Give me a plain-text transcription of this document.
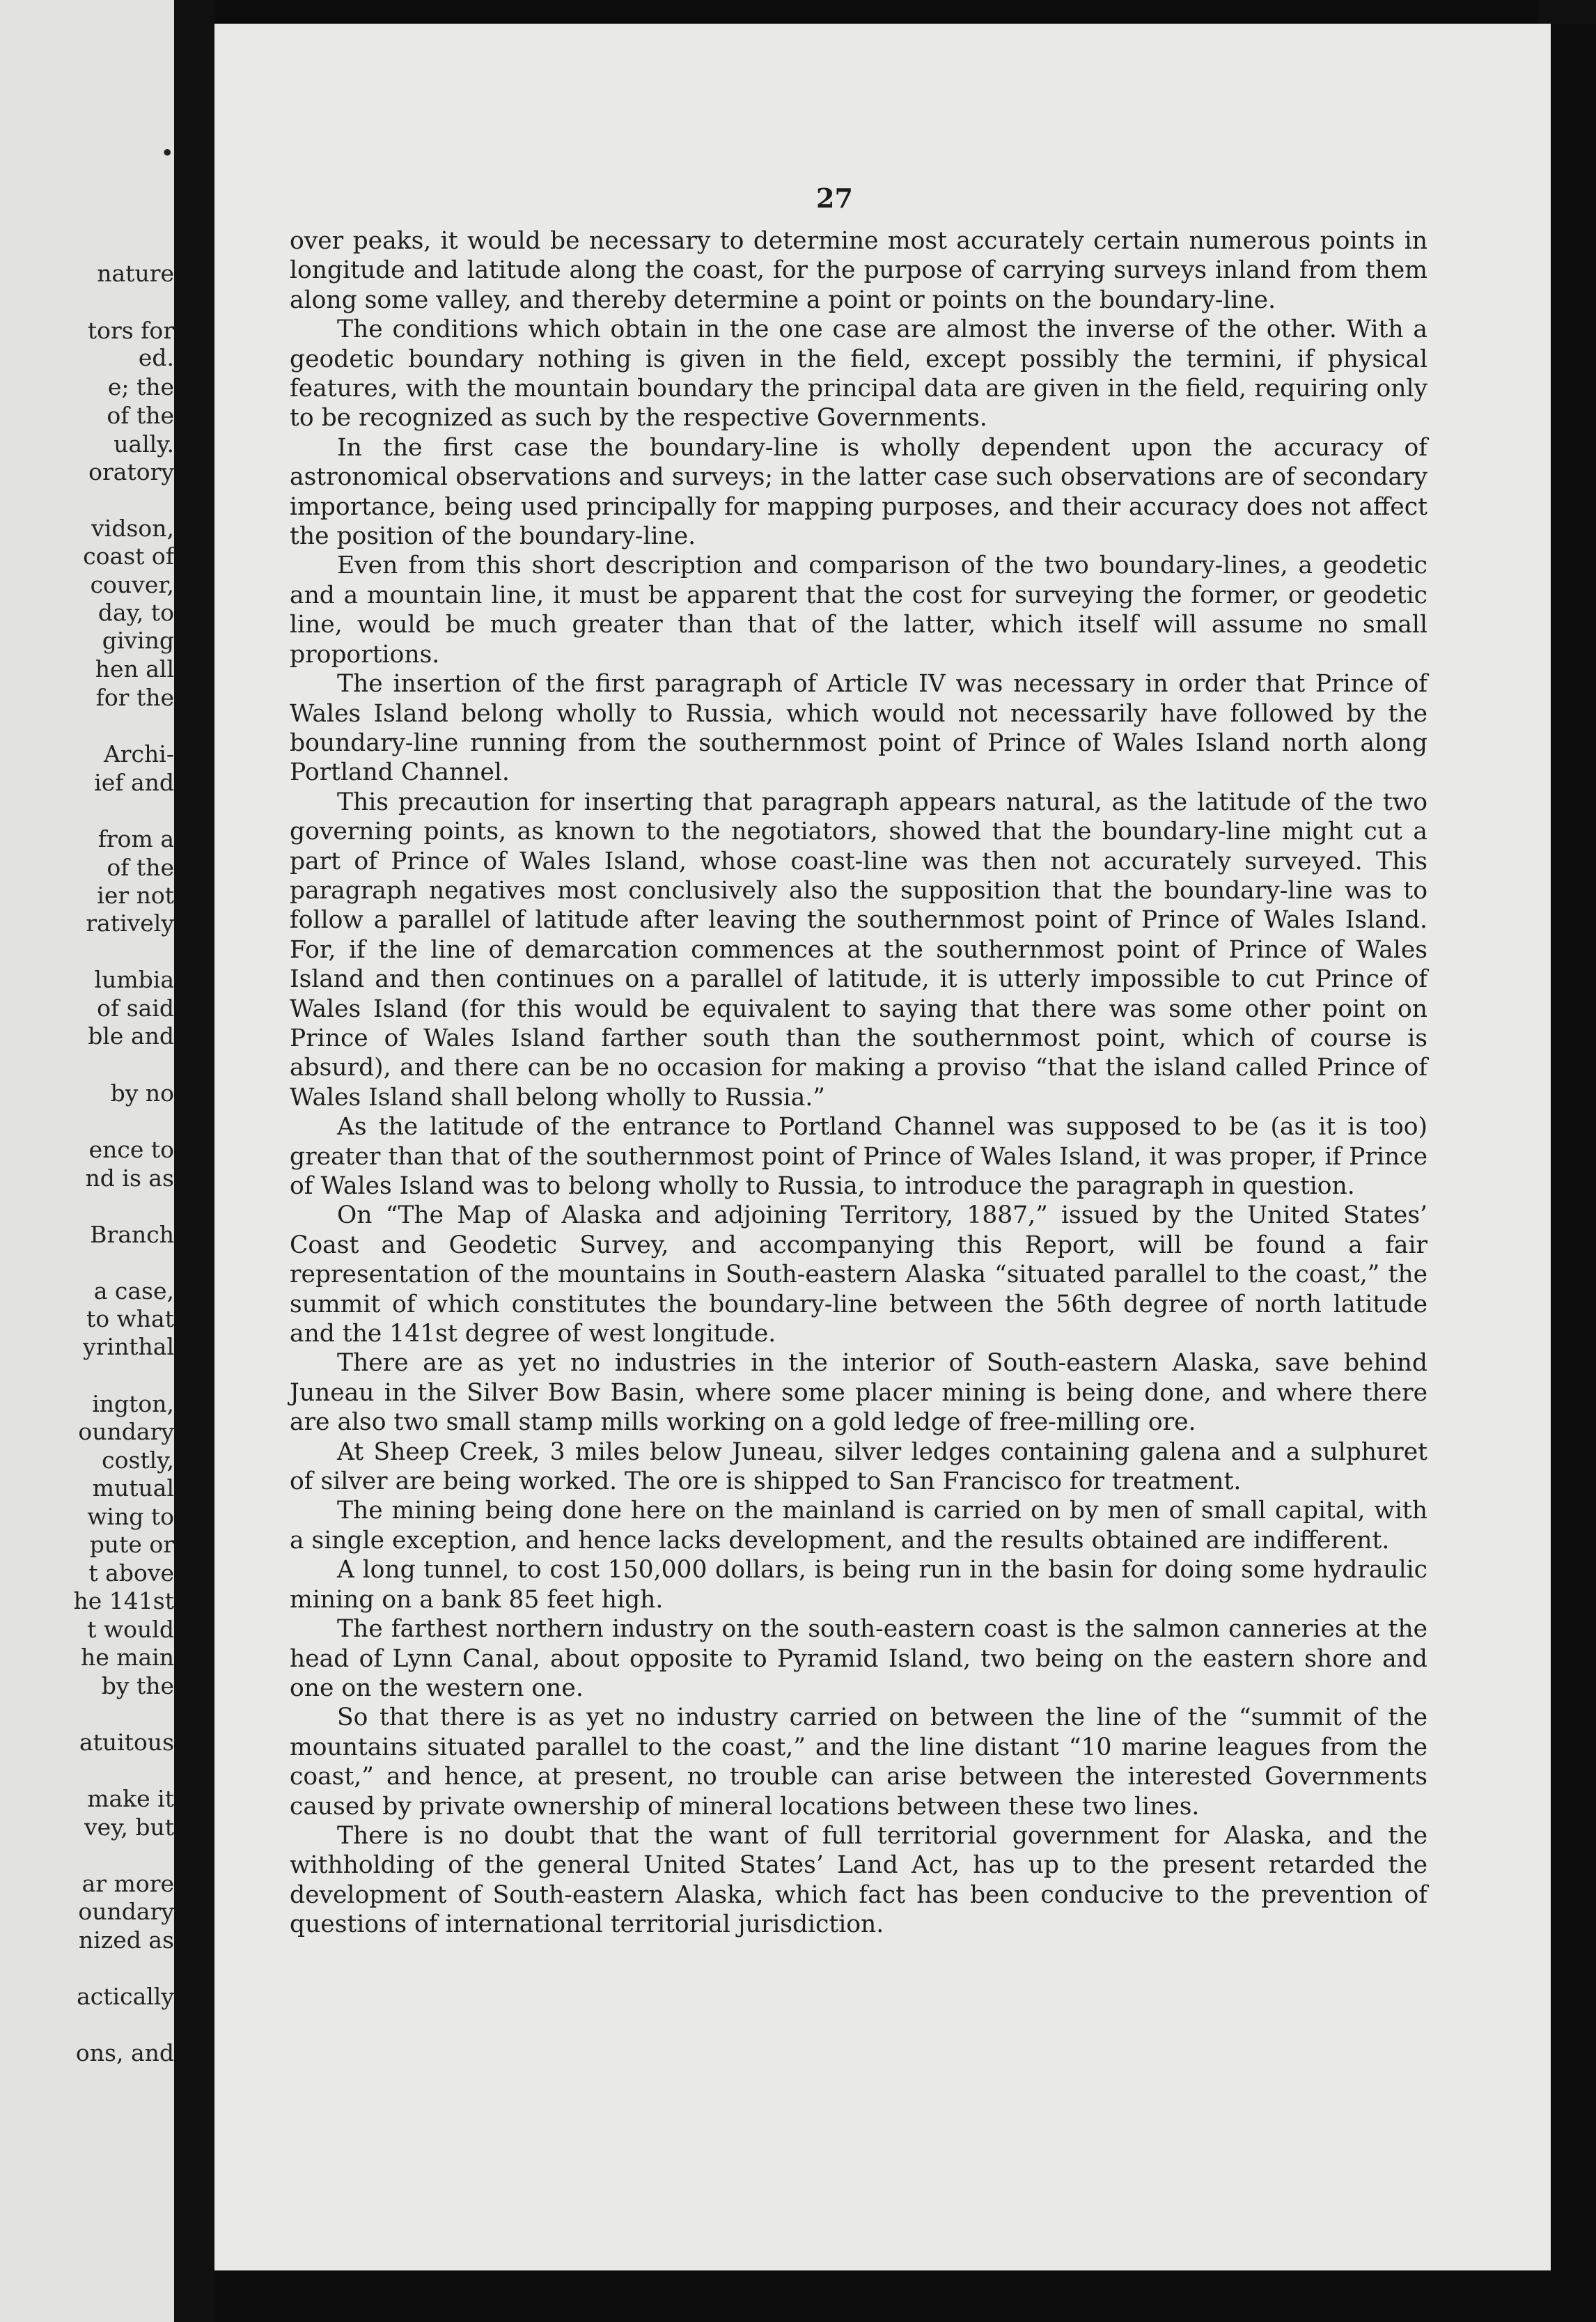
•
nature
tors for
ed.
e; the
of the
ually.
oratory
vidson,
coast of
couver,
day, to
giving
hen all
for the
Archi-
ief and
from a
of the
ier not
ratively
lumbia
of said
ble and
by no
ence to
nd is as
Branch
a case,
to what
yrinthal
ington,
oundary
costly,
mutual
wing to
pute or
t above
he 141st
t would
he main
by the
atuitous
make it
vey, but
ar more
oundary
nized as
actically
ons, and
27

over peaks, it would be necessary to determine most accurately certain numerous points in longitude and latitude along the coast, for the purpose of carrying surveys inland from them along some valley, and thereby determine a point or points on the boundary-line.

The conditions which obtain in the one case are almost the inverse of the other. With a geodetic boundary nothing is given in the field, except possibly the termini, if physical features, with the mountain boundary the principal data are given in the field, requiring only to be recognized as such by the respective Governments.

In the first case the boundary-line is wholly dependent upon the accuracy of astronomical observations and surveys; in the latter case such observations are of secondary importance, being used principally for mapping purposes, and their accuracy does not affect the position of the boundary-line.

Even from this short description and comparison of the two boundary-lines, a geodetic and a mountain line, it must be apparent that the cost for surveying the former, or geodetic line, would be much greater than that of the latter, which itself will assume no small proportions.

The insertion of the first paragraph of Article IV was necessary in order that Prince of Wales Island belong wholly to Russia, which would not necessarily have followed by the boundary-line running from the southernmost point of Prince of Wales Island north along Portland Channel.

This precaution for inserting that paragraph appears natural, as the latitude of the two governing points, as known to the negotiators, showed that the boundary-line might cut a part of Prince of Wales Island, whose coast-line was then not accurately surveyed. This paragraph negatives most conclusively also the supposition that the boundary-line was to follow a parallel of latitude after leaving the southernmost point of Prince of Wales Island. For, if the line of demarcation commences at the southernmost point of Prince of Wales Island and then continues on a parallel of latitude, it is utterly impossible to cut Prince of Wales Island (for this would be equivalent to saying that there was some other point on Prince of Wales Island farther south than the southernmost point, which of course is absurd), and there can be no occasion for making a proviso “that the island called Prince of Wales Island shall belong wholly to Russia.”

As the latitude of the entrance to Portland Channel was supposed to be (as it is too) greater than that of the southernmost point of Prince of Wales Island, it was proper, if Prince of Wales Island was to belong wholly to Russia, to introduce the paragraph in question.

On “The Map of Alaska and adjoining Territory, 1887,” issued by the United States’ Coast and Geodetic Survey, and accompanying this Report, will be found a fair representation of the mountains in South-eastern Alaska “situated parallel to the coast,” the summit of which constitutes the boundary-line between the 56th degree of north latitude and the 141st degree of west longitude.

There are as yet no industries in the interior of South-eastern Alaska, save behind Juneau in the Silver Bow Basin, where some placer mining is being done, and where there are also two small stamp mills working on a gold ledge of free-milling ore.

At Sheep Creek, 3 miles below Juneau, silver ledges containing galena and a sulphuret of silver are being worked. The ore is shipped to San Francisco for treatment.

The mining being done here on the mainland is carried on by men of small capital, with a single exception, and hence lacks development, and the results obtained are indifferent.

A long tunnel, to cost 150,000 dollars, is being run in the basin for doing some hydraulic mining on a bank 85 feet high.

The farthest northern industry on the south-eastern coast is the salmon canneries at the head of Lynn Canal, about opposite to Pyramid Island, two being on the eastern shore and one on the western one.

So that there is as yet no industry carried on between the line of the “summit of the mountains situated parallel to the coast,” and the line distant “10 marine leagues from the coast,” and hence, at present, no trouble can arise between the interested Governments caused by private ownership of mineral locations between these two lines.

There is no doubt that the want of full territorial government for Alaska, and the withholding of the general United States’ Land Act, has up to the present retarded the development of South-eastern Alaska, which fact has been conducive to the prevention of questions of international territorial jurisdiction.
